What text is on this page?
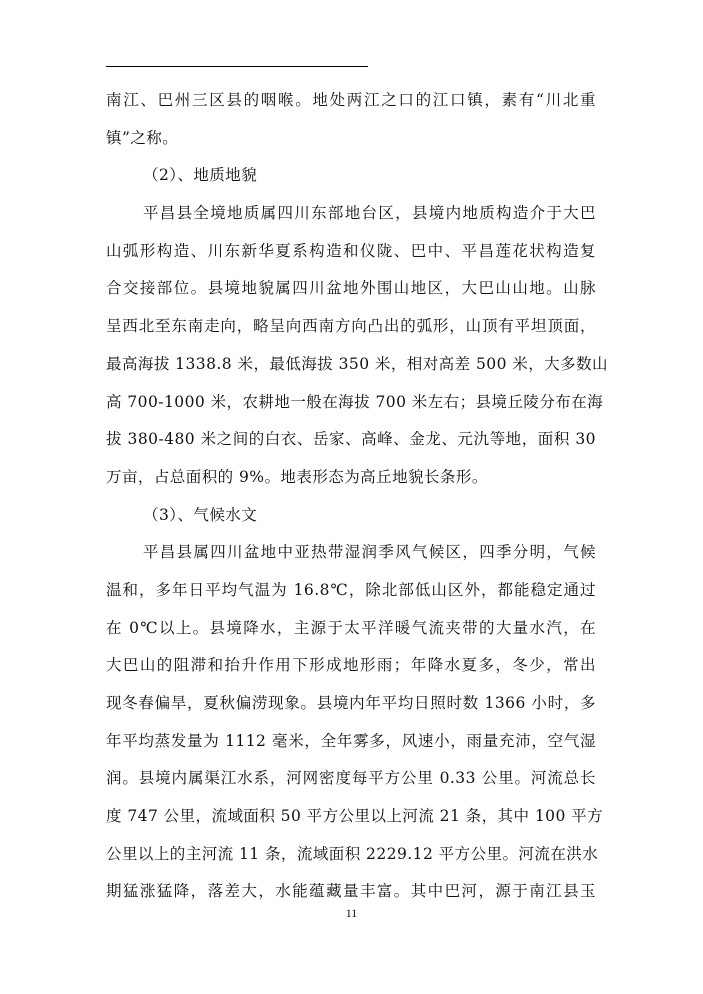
南江、巴州三区县的咽喉。地处两江之口的江口镇，素有“川北重
镇”之称。
（2）、地质地貌
平昌县全境地质属四川东部地台区，县境内地质构造介于大巴
山弧形构造、川东新华夏系构造和仪陇、巴中、平昌莲花状构造复
合交接部位。县境地貌属四川盆地外围山地区，大巴山山地。山脉
呈西北至东南走向，略呈向西南方向凸出的弧形，山顶有平坦顶面，
最高海拔 1338.8 米，最低海拔 350 米，相对高差 500 米，大多数山
高 700-1000 米，农耕地一般在海拔 700 米左右；县境丘陵分布在海
拔 380-480 米之间的白衣、岳家、高峰、金龙、元氿等地，面积 30
万亩，占总面积的 9%。地表形态为高丘地貌长条形。
（3）、气候水文
平昌县属四川盆地中亚热带湿润季风气候区，四季分明，气候
温和，多年日平均气温为 16.8℃，除北部低山区外，都能稳定通过
在 0℃以上。县境降水，主源于太平洋暖气流夹带的大量水汽，在
大巴山的阻滞和抬升作用下形成地形雨；年降水夏多，冬少，常出
现冬春偏旱，夏秋偏涝现象。县境内年平均日照时数 1366 小时，多
年平均蒸发量为 1112 毫米，全年雾多，风速小，雨量充沛，空气湿
润。县境内属渠江水系，河网密度每平方公里 0.33 公里。河流总长
度 747 公里，流域面积 50 平方公里以上河流 21 条，其中 100 平方
公里以上的主河流 11 条，流域面积 2229.12 平方公里。河流在洪水
期猛涨猛降，落差大，水能蕴藏量丰富。其中巴河，源于南江县玉
11
